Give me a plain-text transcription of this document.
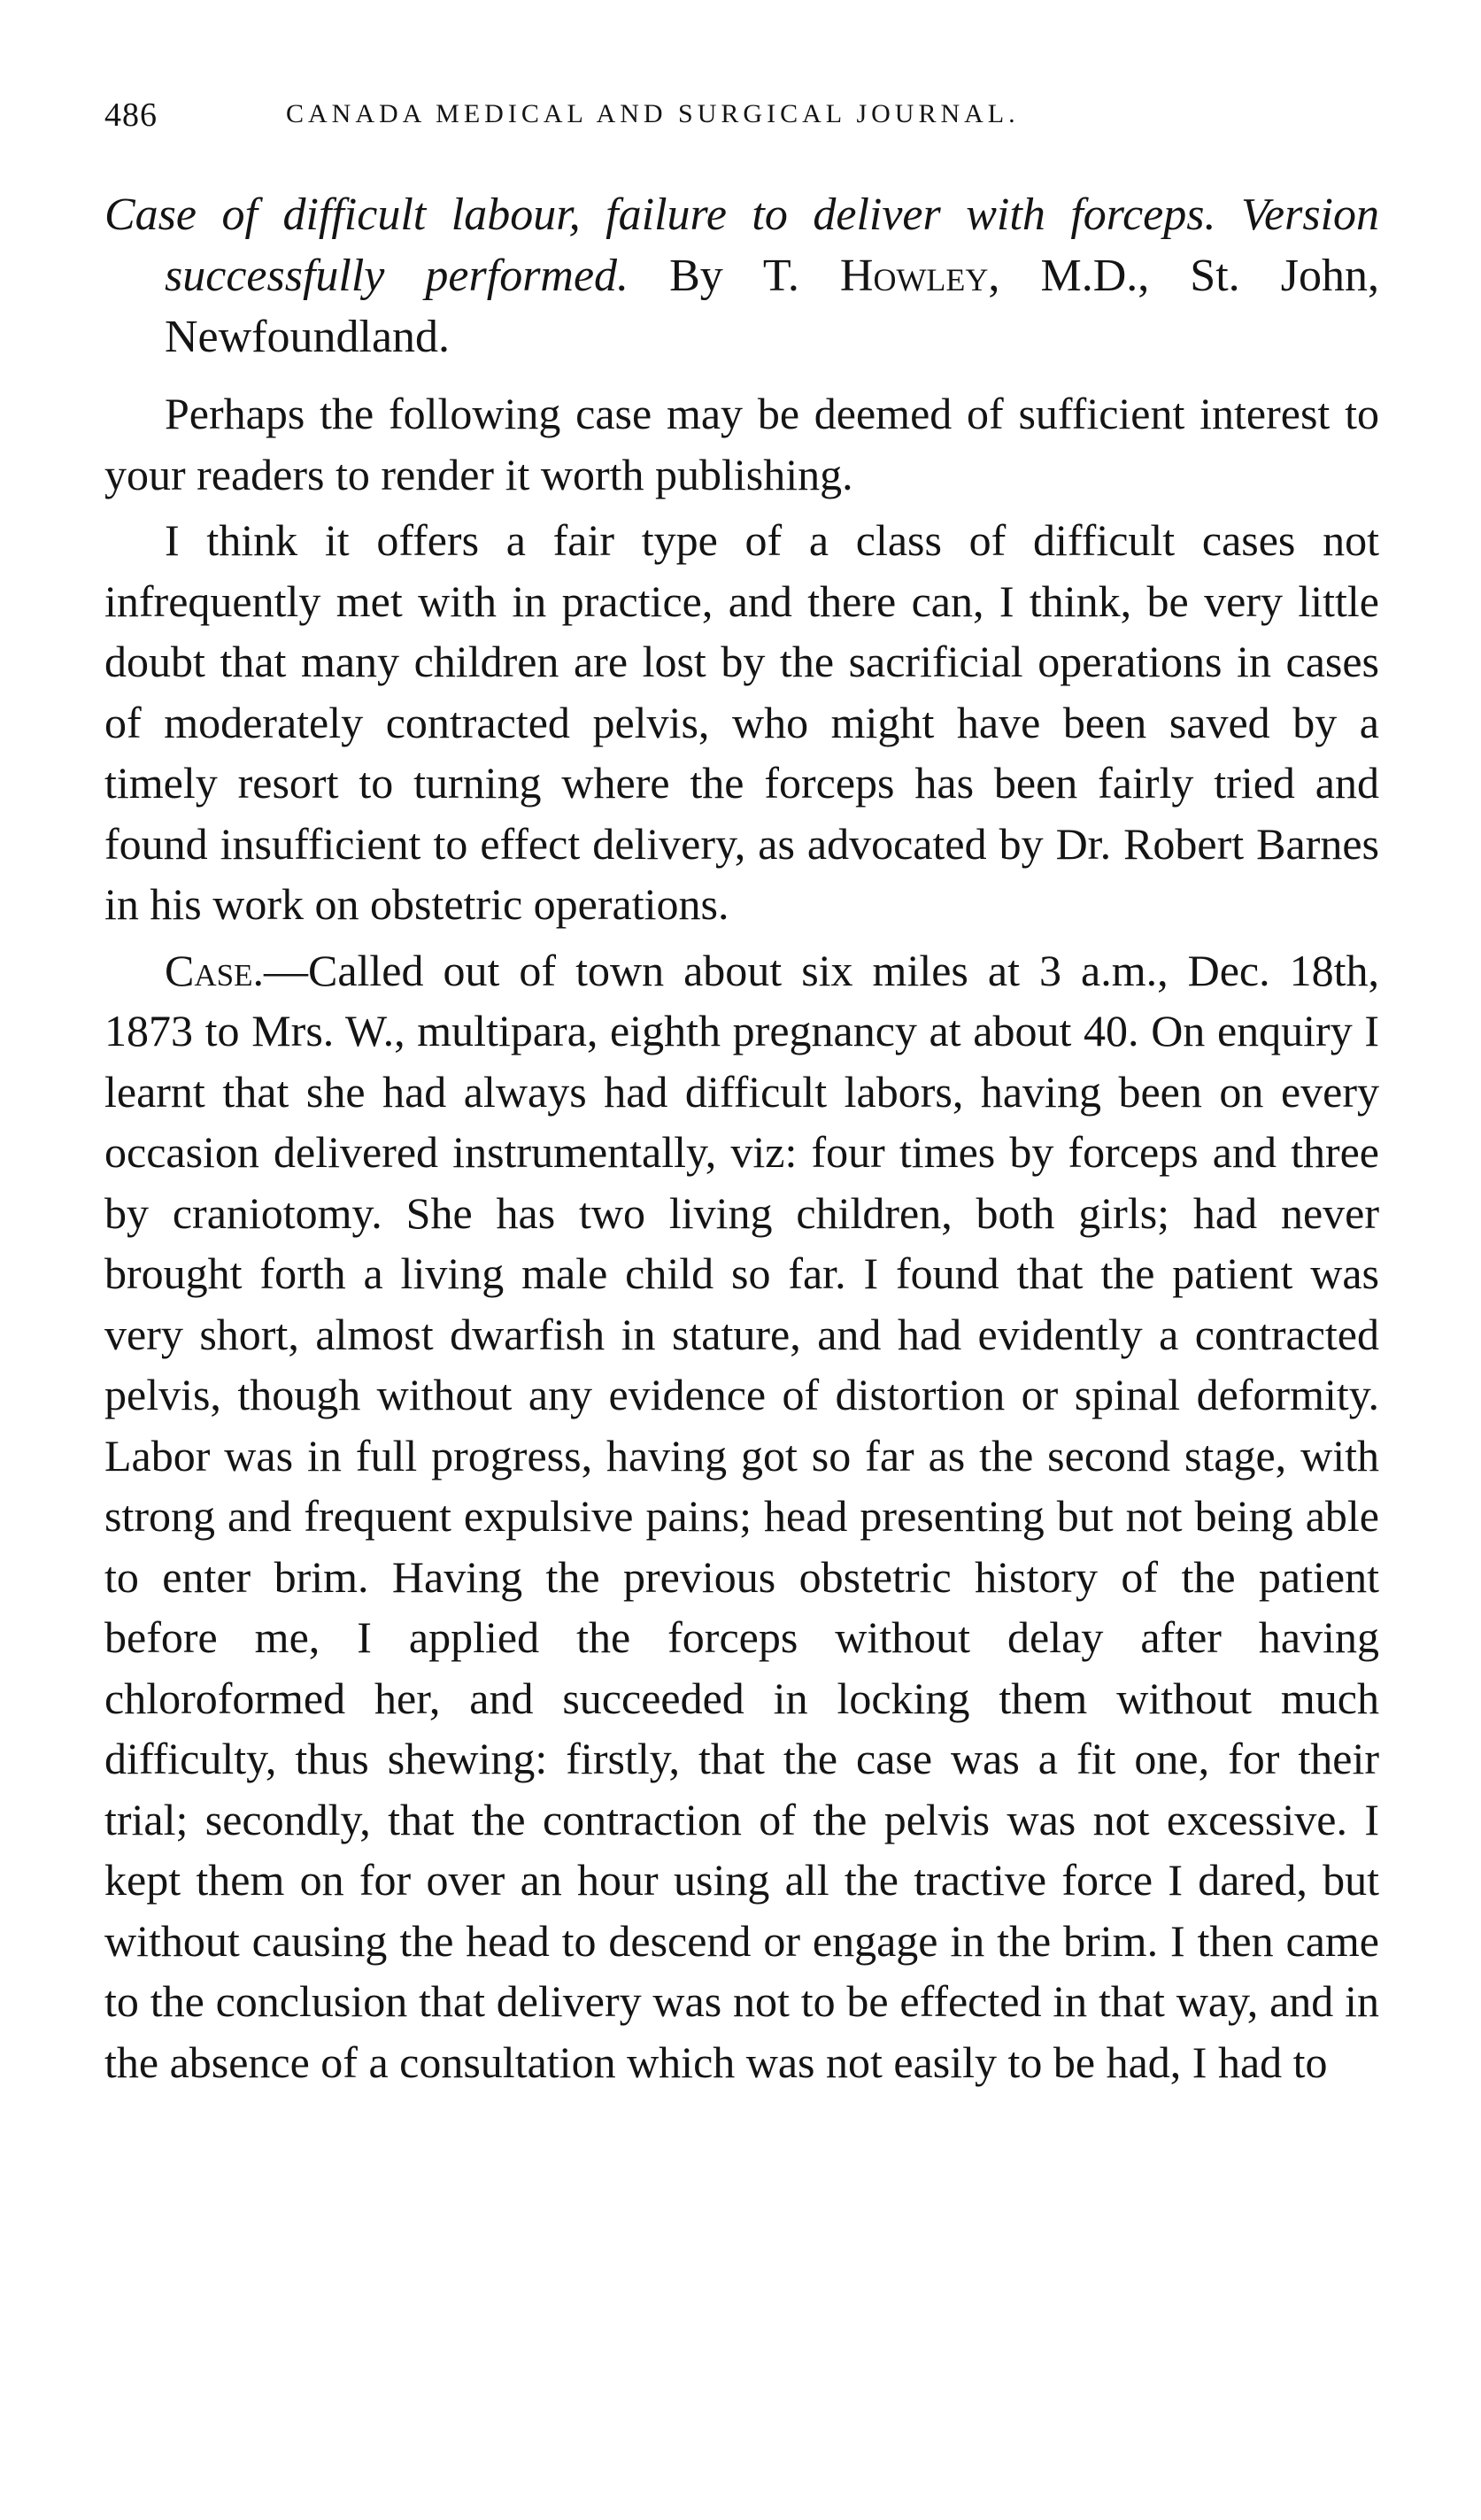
486	CANADA MEDICAL AND SURGICAL JOURNAL.
Case of difficult labour, failure to deliver with forceps. Version successfully performed. By T. Howley, M.D., St. John, Newfoundland.

Perhaps the following case may be deemed of sufficient interest to your readers to render it worth publishing.

I think it offers a fair type of a class of difficult cases not infrequently met with in practice, and there can, I think, be very little doubt that many children are lost by the sacrificial operations in cases of moderately contracted pelvis, who might have been saved by a timely resort to turning where the forceps has been fairly tried and found insufficient to effect delivery, as advocated by Dr. Robert Barnes in his work on obstetric operations.

Case.—Called out of town about six miles at 3 a.m., Dec. 18th, 1873 to Mrs. W., multipara, eighth pregnancy at about 40. On enquiry I learnt that she had always had difficult labors, having been on every occasion delivered instrumentally, viz: four times by forceps and three by craniotomy. She has two living children, both girls; had never brought forth a living male child so far. I found that the patient was very short, almost dwarfish in stature, and had evidently a contracted pelvis, though without any evidence of distortion or spinal deformity. Labor was in full progress, having got so far as the second stage, with strong and frequent expulsive pains; head presenting but not being able to enter brim. Having the previous obstetric history of the patient before me, I applied the forceps without delay after having chloroformed her, and succeeded in locking them without much difficulty, thus shewing: firstly, that the case was a fit one, for their trial; secondly, that the contraction of the pelvis was not excessive. I kept them on for over an hour using all the tractive force I dared, but without causing the head to descend or engage in the brim. I then came to the conclusion that delivery was not to be effected in that way, and in the absence of a consultation which was not easily to be had, I had to
